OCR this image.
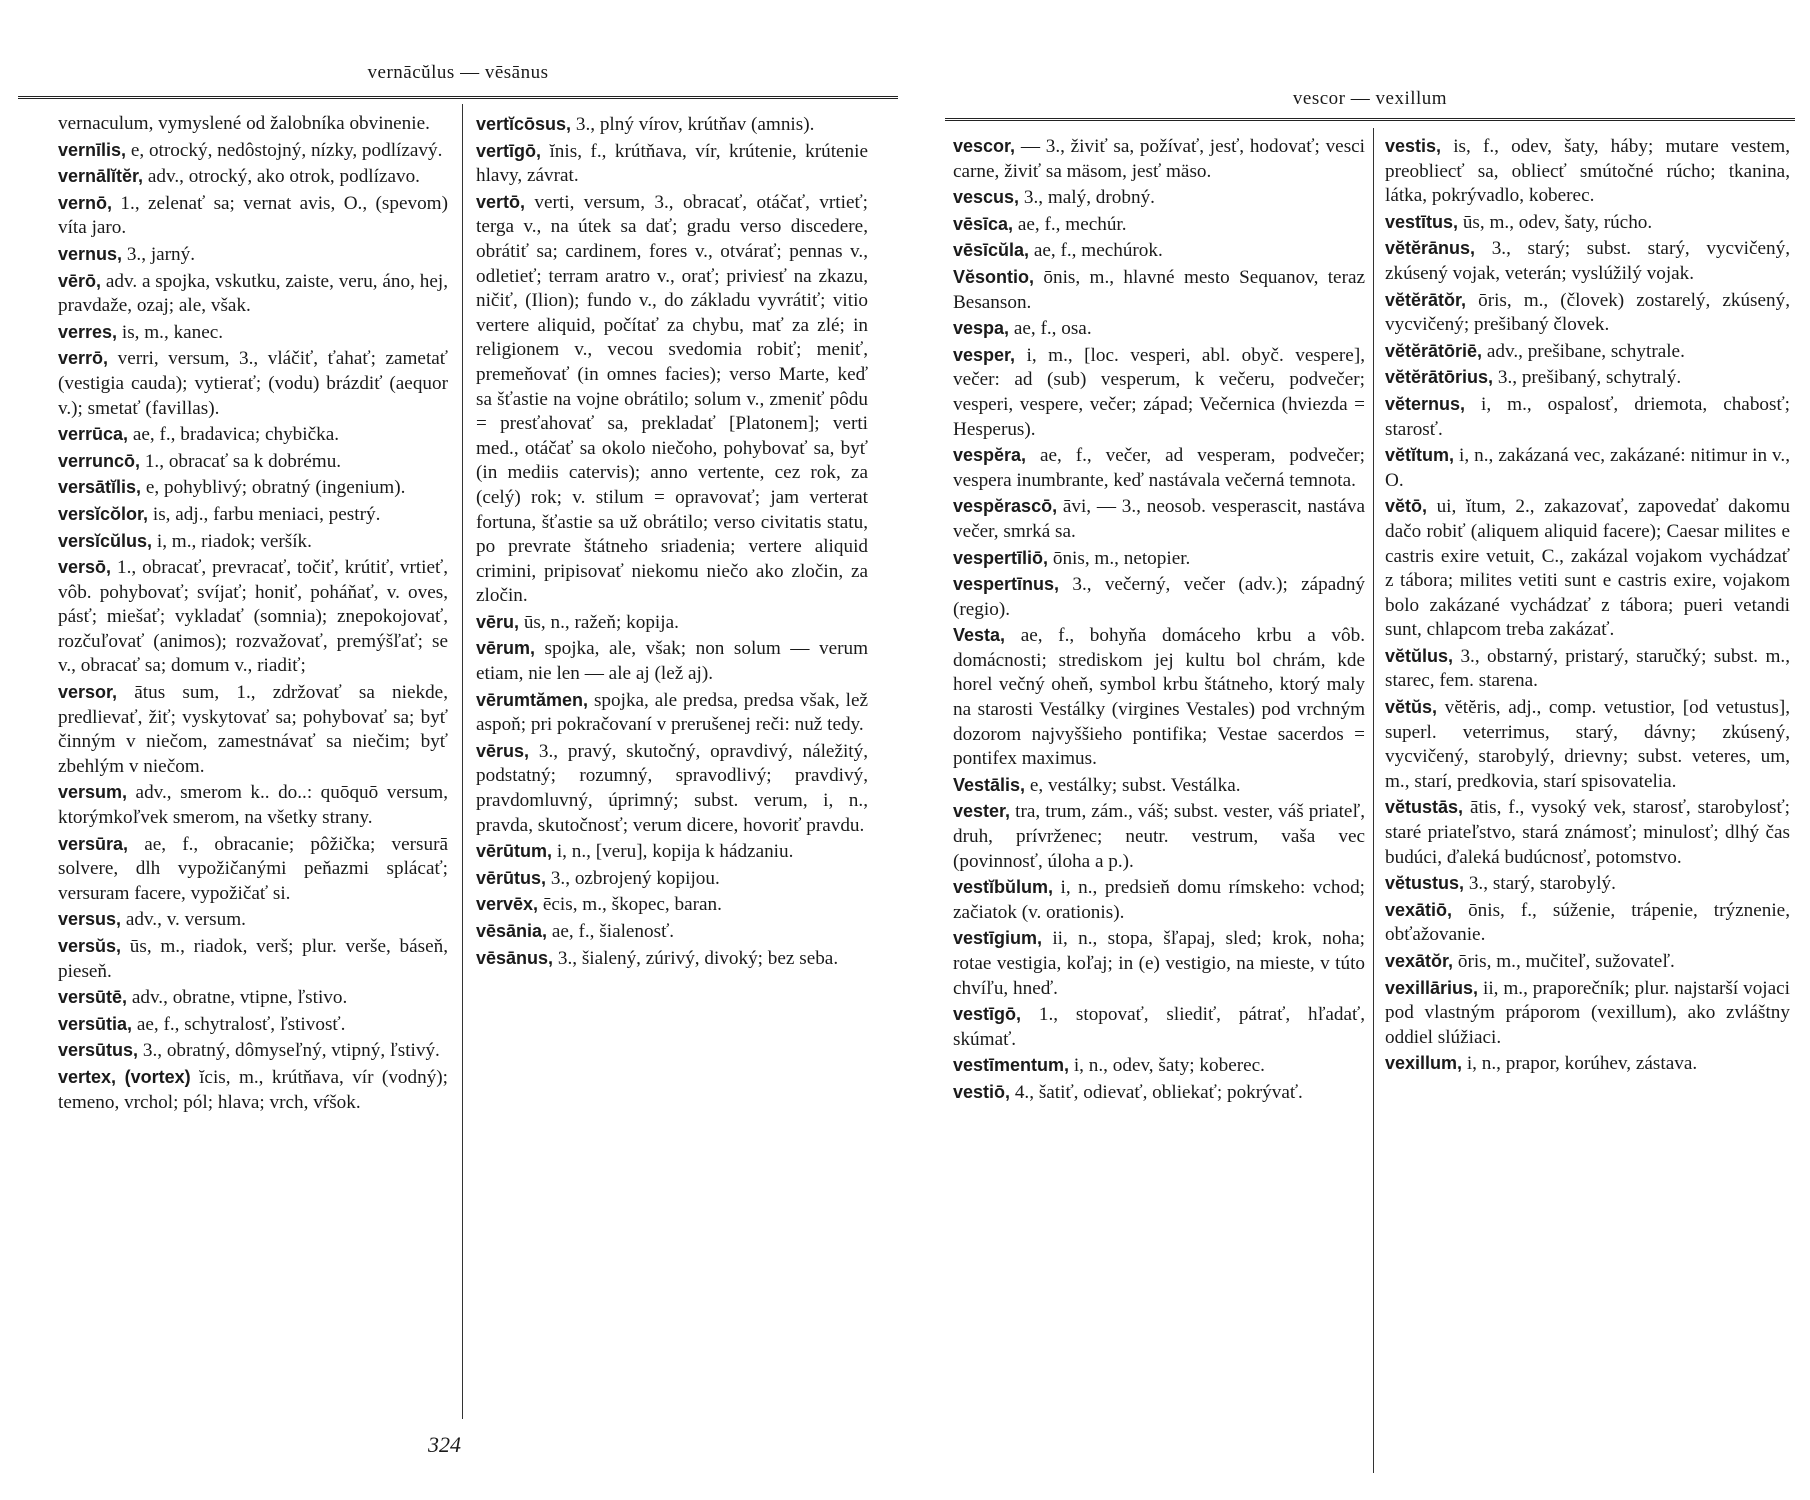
vernācŭlus — vēsānus
vernaculum, vymyslené od žalobníka obvinenie.
vernīlis, e, otrocký, nedôstojný, nízky, podlízavý.
vernālĭtĕr, adv., otrocký, ako otrok, podlízavo.
vernō, 1., zelenať sa; vernat avis, O., (spevom) víta jaro.
vernus, 3., jarný.
vērō, adv. a spojka, vskutku, zaiste, veru, áno, hej, pravdaže, ozaj; ale, však.
verres, is, m., kanec.
verrō, verri, versum, 3., vláčiť, ťahať; zametať (vestigia cauda); vytierať; (vodu) brázdiť (aequor v.); smetať (favillas).
verrūca, ae, f., bradavica; chybička.
verruncō, 1., obracať sa k dobrému.
versātĭlis, e, pohyblivý; obratný (ingenium).
versĭcŏlor, is, adj., farbu meniaci, pestrý.
versĭcŭlus, i, m., riadok; veršík.
versō, 1., obracať, prevracať, točiť, krútiť, vrtieť, vôb. pohybovať; svíjať; honiť, poháňať, v. oves, pásť; miešať; vykladať (somnia); znepokojovať, rozčuľovať (animos); rozvažovať, premýšľať; se v., obracať sa; domum v., riadiť;
versor, ātus sum, 1., zdržovať sa niekde, predlievať, žiť; vyskytovať sa; pohybovať sa; byť činným v niečom, zamestnávať sa niečim; byť zbehlým v niečom.
versum, adv., smerom k.. do..: quōquō versum, ktorýmkoľvek smerom, na všetky strany.
versūra, ae, f., obracanie; pôžička; versurā solvere, dlh vypožičanými peňazmi splácať; versuram facere, vypožičať si.
versus, adv., v. versum.
versŭs, ūs, m., riadok, verš; plur. verše, báseň, pieseň.
versūtē, adv., obratne, vtipne, ľstivo.
versūtia, ae, f., schytralosť, ľstivosť.
versūtus, 3., obratný, dômyseľný, vtipný, ľstivý.
vertex, (vortex) ĭcis, m., krútňava, vír (vodný); temeno, vrchol; pól; hlava; vrch, vŕšok.
vertĭcōsus, 3., plný vírov, krútňav (amnis).
vertīgō, ĭnis, f., krútňava, vír, krútenie, krútenie hlavy, závrat.
vertō, verti, versum, 3., obracať, otáčať, vrtieť; terga v., na útek sa dať; gradu verso discedere, obrátiť sa; cardinem, fores v., otvárať; pennas v., odletieť; terram aratro v., orať; priviesť na zkazu, ničiť, (Ilion); fundo v., do základu vyvrátiť; vitio vertere aliquid, počítať za chybu, mať za zlé; in religionem v., vecou svedomia robiť; meniť, premeňovať (in omnes facies); verso Marte, keď sa šťastie na vojne obrátilo; solum v., zmeniť pôdu = presťahovať sa, prekladať [Platonem]; verti med., otáčať sa okolo niečoho, pohybovať sa, byť (in mediis catervis); anno vertente, cez rok, za (celý) rok; v. stilum = opravovať; jam verterat fortuna, šťastie sa už obrátilo; verso civitatis statu, po prevrate štátneho sriadenia; vertere aliquid crimini, pripisovať niekomu niečo ako zločin, za zločin.
vēru, ūs, n., ražeň; kopija.
vērum, spojka, ale, však; non solum — verum etiam, nie len — ale aj (lež aj).
vērumtămen, spojka, ale predsa, predsa však, lež aspoň; pri pokračovaní v prerušenej reči: nuž tedy.
vērus, 3., pravý, skutočný, opravdivý, náležitý, podstatný; rozumný, spravodlivý; pravdivý, pravdomluvný, úprimný; subst. verum, i, n., pravda, skutočnosť; verum dicere, hovoriť pravdu.
vērūtum, i, n., [veru], kopija k hádzaniu.
vērūtus, 3., ozbrojený kopijou.
vervēx, ēcis, m., škopec, baran.
vēsānia, ae, f., šialenosť.
vēsānus, 3., šialený, zúrivý, divoký; bez seba.
324
vescor — vexillum
vescor, — 3., živiť sa, požívať, jesť, hodovať; vesci carne, živiť sa mäsom, jesť mäso.
vescus, 3., malý, drobný.
vēsīca, ae, f., mechúr.
vēsīcŭla, ae, f., mechúrok.
Vĕsontio, ōnis, m., hlavné mesto Sequanov, teraz Besanson.
vespa, ae, f., osa.
vesper, i, m., [loc. vesperi, abl. obyč. vespere], večer: ad (sub) vesperum, k večeru, podvečer; vesperi, vespere, večer; západ; Večernica (hviezda = Hesperus).
vespĕra, ae, f., večer, ad vesperam, podvečer; vespera inumbrante, keď nastávala večerná temnota.
vespĕrascō, āvi, — 3., neosob. vesperascit, nastáva večer, smrká sa.
vespertīliō, ōnis, m., netopier.
vespertīnus, 3., večerný, večer (adv.); západný (regio).
Vesta, ae, f., bohyňa domáceho krbu a vôb. domácnosti; strediskom jej kultu bol chrám, kde horel večný oheň, symbol krbu štátneho, ktorý maly na starosti Vestálky (virgines Vestales) pod vrchným dozorom najvyššieho pontifika; Vestae sacerdos = pontifex maximus.
Vestālis, e, vestálky; subst. Vestálka.
vester, tra, trum, zám., váš; subst. vester, váš priateľ, druh, prívrženec; neutr. vestrum, vaša vec (povinnosť, úloha a p.).
vestĭbŭlum, i, n., predsieň domu rímskeho: vchod; začiatok (v. orationis).
vestīgium, ii, n., stopa, šľapaj, sled; krok, noha; rotae vestigia, koľaj; in (e) vestigio, na mieste, v túto chvíľu, hneď.
vestīgō, 1., stopovať, sliediť, pátrať, hľadať, skúmať.
vestīmentum, i, n., odev, šaty; koberec.
vestiō, 4., šatiť, odievať, obliekať; pokrývať.
vestis, is, f., odev, šaty, háby; mutare vestem, preobliecť sa, obliecť smútočné rúcho; tkanina, látka, pokrývadlo, koberec.
vestītus, ūs, m., odev, šaty, rúcho.
vĕtĕrānus, 3., starý; subst. starý, vycvičený, zkúsený vojak, veterán; vyslúžilý vojak.
vĕtĕrātŏr, ōris, m., (človek) zostarelý, zkúsený, vycvičený; prešibaný človek.
vĕtĕrātōriē, adv., prešibane, schytrale.
vĕtĕrātōrius, 3., prešibaný, schytralý.
vĕternus, i, m., ospalosť, driemota, chabosť; starosť.
vĕtĭtum, i, n., zakázaná vec, zakázané: nitimur in v., O.
vĕtō, ui, ĭtum, 2., zakazovať, zapovedať dakomu dačo robiť (aliquem aliquid facere); Caesar milites e castris exire vetuit, C., zakázal vojakom vychádzať z tábora; milites vetiti sunt e castris exire, vojakom bolo zakázané vychádzať z tábora; pueri vetandi sunt, chlapcom treba zakázať.
vĕtŭlus, 3., obstarný, pristarý, staručký; subst. m., starec, fem. starena.
vĕtŭs, vĕtĕris, adj., comp. vetustior, [od vetustus], superl. veterrimus, starý, dávny; zkúsený, vycvičený, starobylý, drievny; subst. veteres, um, m., starí, predkovia, starí spisovatelia.
vĕtustās, ātis, f., vysoký vek, starosť, starobylosť; staré priateľstvo, stará známosť; minulosť; dlhý čas budúci, ďaleká budúcnosť, potomstvo.
vĕtustus, 3., starý, starobylý.
vexātiō, ōnis, f., súženie, trápenie, trýznenie, obťažovanie.
vexātŏr, ōris, m., mučiteľ, sužovateľ.
vexillārius, ii, m., praporečník; plur. najstarší vojaci pod vlastným práporom (vexillum), ako zvláštny oddiel slúžiaci.
vexillum, i, n., prapor, korúhev, zástava.
